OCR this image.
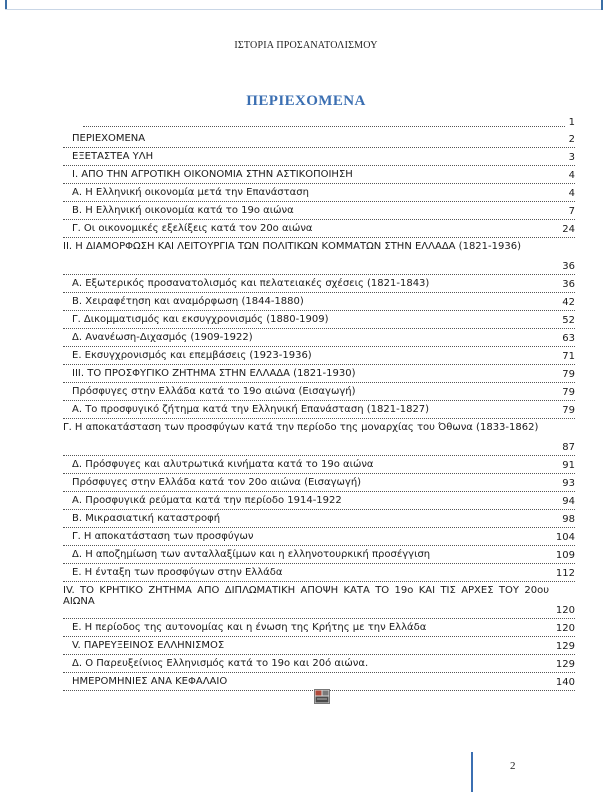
ΙΣΤΟΡΙΑ ΠΡΟΣΑΝΑΤΟΛΙΣΜΟΥ
ΠΕΡΙΕΧΟΜΕΝΑ
1
ΠΕΡΙΕΧΟΜΕΝΑ	2
ΕΞΕΤΑΣΤΕΑ ΥΛΗ	3
Ι. ΑΠΟ ΤΗΝ ΑΓΡΟΤΙΚΗ ΟΙΚΟΝΟΜΙΑ ΣΤΗΝ ΑΣΤΙΚΟΠΟΙΗΣΗ	4
Α. Η Ελληνική οικονομία μετά την Επανάσταση	4
Β. Η Ελληνική οικονομία κατά το 19ο αιώνα	7
Γ. Οι οικονομικές εξελίξεις κατά τον 20ο αιώνα	24
ΙΙ. Η ΔΙΑΜΟΡΦΩΣΗ ΚΑΙ ΛΕΙΤΟΥΡΓΙΑ ΤΩΝ ΠΟΛΙΤΙΚΩΝ ΚΟΜΜΑΤΩΝ ΣΤΗΝ ΕΛΛΑΔΑ (1821-1936)
36
Α. Εξωτερικός προσανατολισμός και πελατειακές σχέσεις (1821-1843)	36
Β. Χειραφέτηση και αναμόρφωση (1844-1880)	42
Γ. Δικομματισμός και εκσυγχρονισμός (1880-1909)	52
Δ. Ανανέωση-Διχασμός (1909-1922)	63
Ε. Εκσυγχρονισμός και επεμβάσεις (1923-1936)	71
ΙΙΙ. ΤΟ ΠΡΟΣΦΥΓΙΚΟ ΖΗΤΗΜΑ ΣΤΗΝ ΕΛΛΑΔΑ (1821-1930)	79
Πρόσφυγες στην Ελλάδα κατά το 19ο αιώνα (Εισαγωγή)	79
Α. Το προσφυγικό ζήτημα κατά την Ελληνική Επανάσταση (1821-1827)	79
Γ. Η αποκατάσταση των προσφύγων κατά την περίοδο της μοναρχίας του Όθωνα (1833-1862)
87
Δ. Πρόσφυγες και αλυτρωτικά κινήματα κατά το 19ο αιώνα	91
Πρόσφυγες στην Ελλάδα κατά τον 20ο αιώνα (Εισαγωγή)	93
Α. Προσφυγικά ρεύματα κατά την περίοδο 1914-1922	94
Β. Μικρασιατική καταστροφή	98
Γ. Η αποκατάσταση των προσφύγων	104
Δ. Η αποζημίωση των ανταλλαξίμων και η ελληνοτουρκική προσέγγιση	109
Ε. Η ένταξη των προσφύγων στην Ελλάδα	112
ΙV. ΤΟ ΚΡΗΤΙΚΟ ΖΗΤΗΜΑ ΑΠΟ ΔΙΠΛΩΜΑΤΙΚΗ ΑΠΟΨΗ ΚΑΤΑ ΤΟ 19ο ΚΑΙ ΤΙΣ ΑΡΧΕΣ ΤΟΥ 20ου ΑΙΩΝΑ
120
Ε. Η περίοδος της αυτονομίας και η ένωση της Κρήτης με την Ελλάδα	120
V. ΠΑΡΕΥΞΕΙΝΟΣ ΕΛΛΗΝΙΣΜΟΣ	129
Δ. Ο Παρευξείνιος Ελληνισμός κατά το 19ο και 20ό αιώνα.	129
ΗΜΕΡΟΜΗΝΙΕΣ ΑΝΑ ΚΕΦΑΛΑΙΟ	140
2
